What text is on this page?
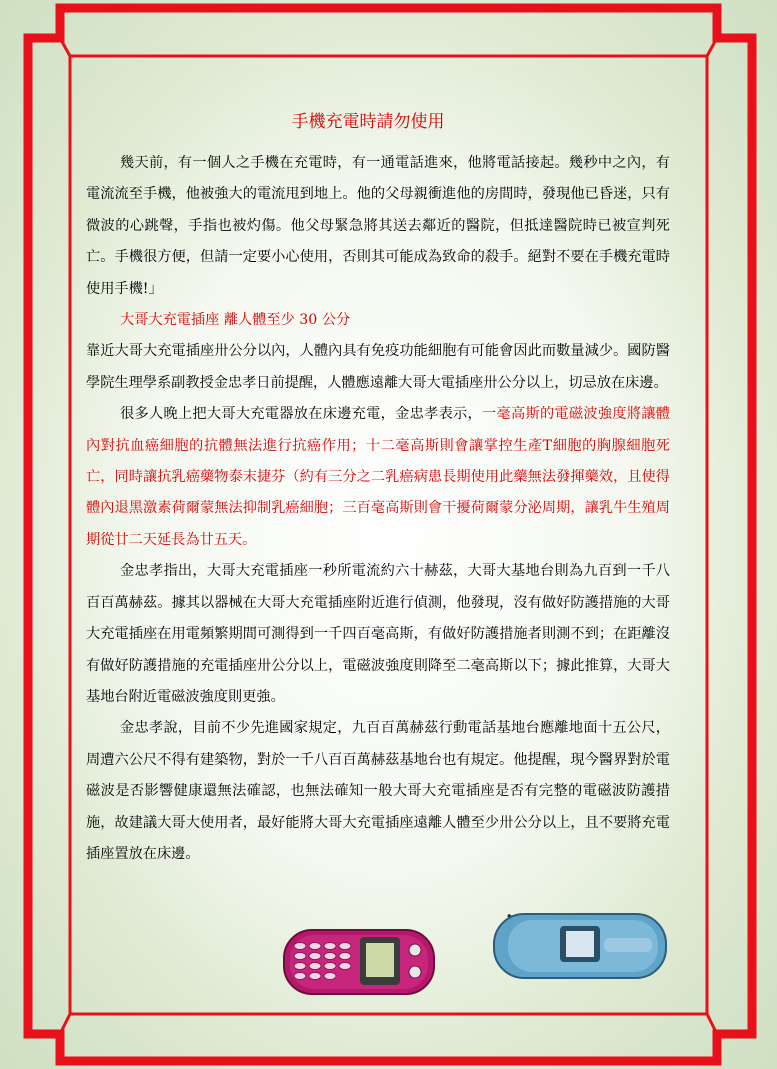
手機充電時請勿使用

幾天前，有一個人之手機在充電時，有一通電話進來，他將電話接起。幾秒中之內，有電流流至手機，他被強大的電流甩到地上。他的父母親衝進他的房間時，發現他已昏迷，只有微波的心跳聲，手指也被灼傷。他父母緊急將其送去鄰近的醫院，但抵達醫院時已被宣判死亡。手機很方便，但請一定要小心使用，否則其可能成為致命的殺手。絕對不要在手機充電時使用手機!」

大哥大充電插座 離人體至少 30 公分

靠近大哥大充電插座卅公分以內，人體內具有免疫功能細胞有可能會因此而數量減少。國防醫學院生理學系副教授金忠孝日前提醒，人體應遠離大哥大電插座卅公分以上，切忌放在床邊。

很多人晚上把大哥大充電器放在床邊充電，金忠孝表示，一毫高斯的電磁波強度將讓體內對抗血癌細胞的抗體無法進行抗癌作用；十二毫高斯則會讓掌控生產T細胞的胸腺細胞死亡，同時讓抗乳癌藥物泰末捷芬（約有三分之二乳癌病患長期使用此藥無法發揮藥效，且使得體內退黑激素荷爾蒙無法抑制乳癌細胞；三百毫高斯則會干擾荷爾蒙分泌周期，讓乳牛生殖周期從廿二天延長為廿五天。

金忠孝指出，大哥大充電插座一秒所電流約六十赫茲，大哥大基地台則為九百到一千八百百萬赫茲。據其以器械在大哥大充電插座附近進行偵測，他發現，沒有做好防護措施的大哥大充電插座在用電頻繁期間可測得到一千四百毫高斯，有做好防護措施者則測不到；在距離沒有做好防護措施的充電插座卅公分以上，電磁波強度則降至二毫高斯以下；據此推算，大哥大基地台附近電磁波強度則更強。

金忠孝說，目前不少先進國家規定，九百百萬赫茲行動電話基地台應離地面十五公尺，周遭六公尺不得有建築物，對於一千八百百萬赫茲基地台也有規定。他提醒，現今醫界對於電磁波是否影響健康還無法確認，也無法確知一般大哥大充電插座是否有完整的電磁波防護措施，故建議大哥大使用者，最好能將大哥大充電插座遠離人體至少卅公分以上，且不要將充電插座置放在床邊。
